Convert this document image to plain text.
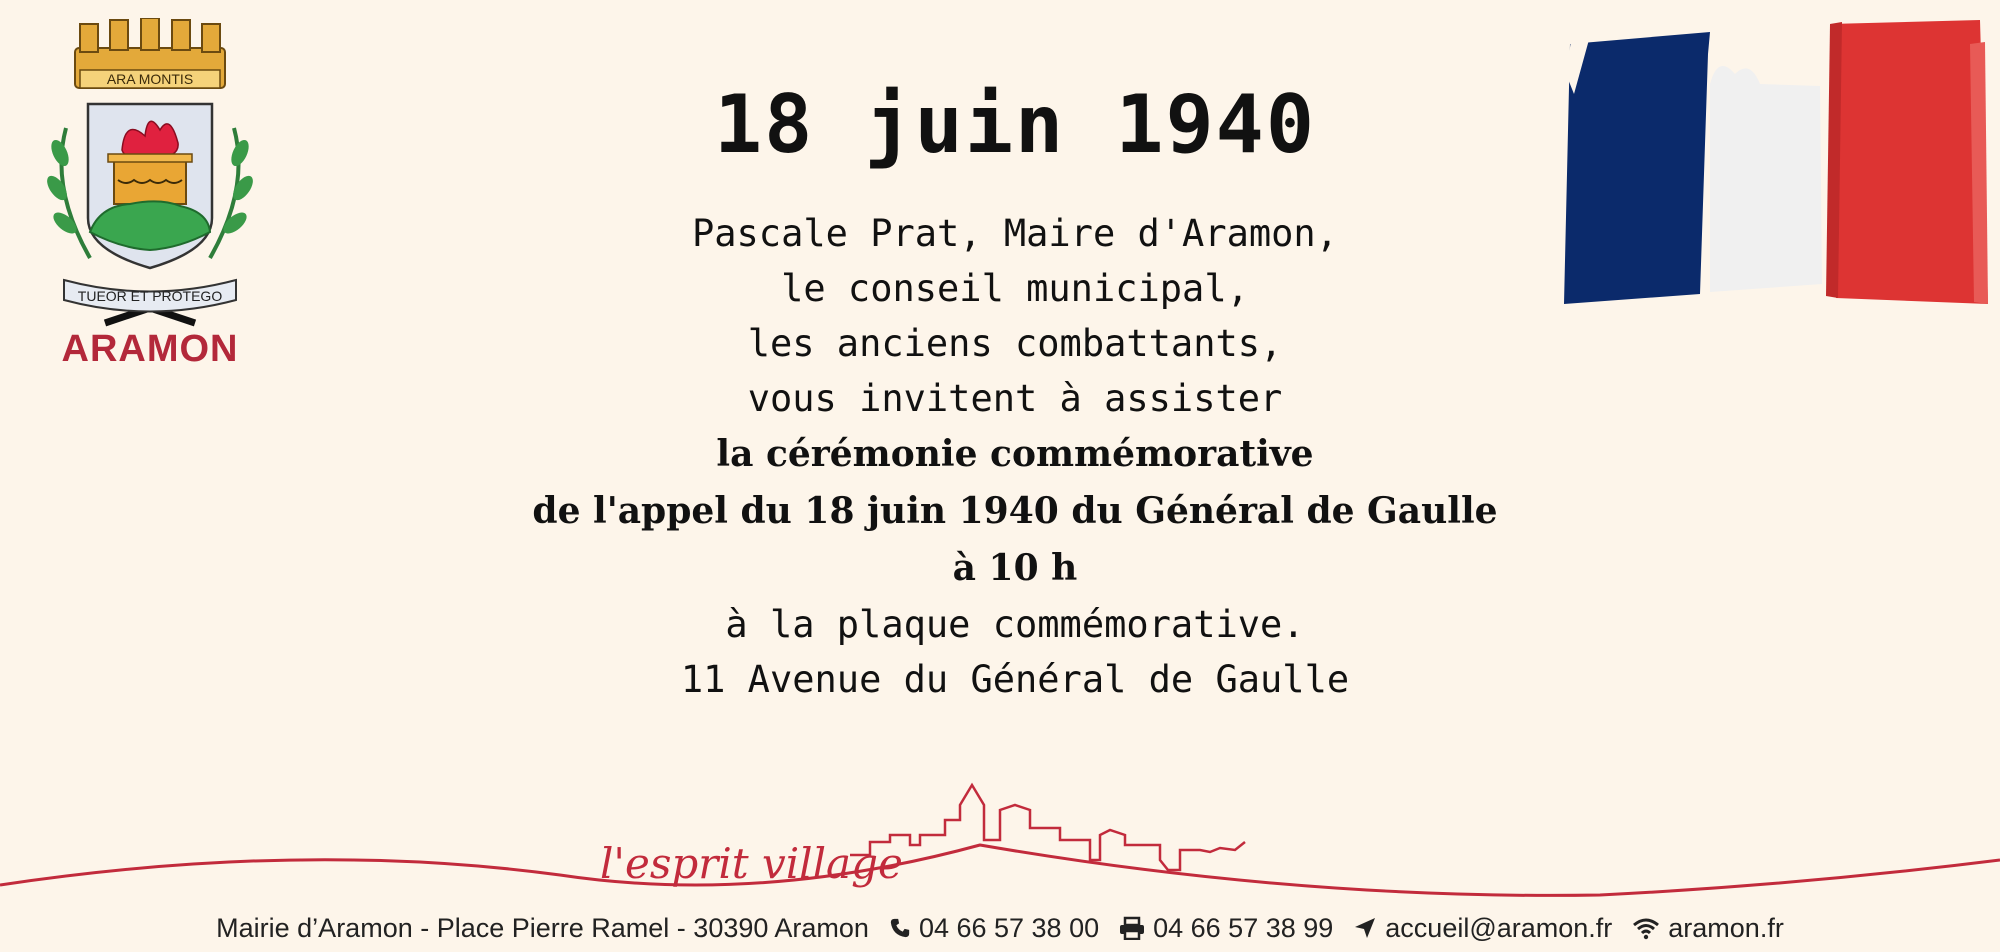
ARA MONTIS
TUEOR ET PROTEGO
ARAMON
18 juin 1940
Pascale Prat, Maire d'Aramon,
le conseil municipal,
les anciens combattants,
vous invitent à assister
la cérémonie commémorative
de l'appel du 18 juin 1940 du Général de Gaulle
à 10 h
à la plaque commémorative.
11 Avenue du Général de Gaulle
l'esprit village
Mairie d’Aramon - Place Pierre Ramel - 30390 Aramon 04 66 57 38 00 04 66 57 38 99 accueil@aramon.fr aramon.fr
